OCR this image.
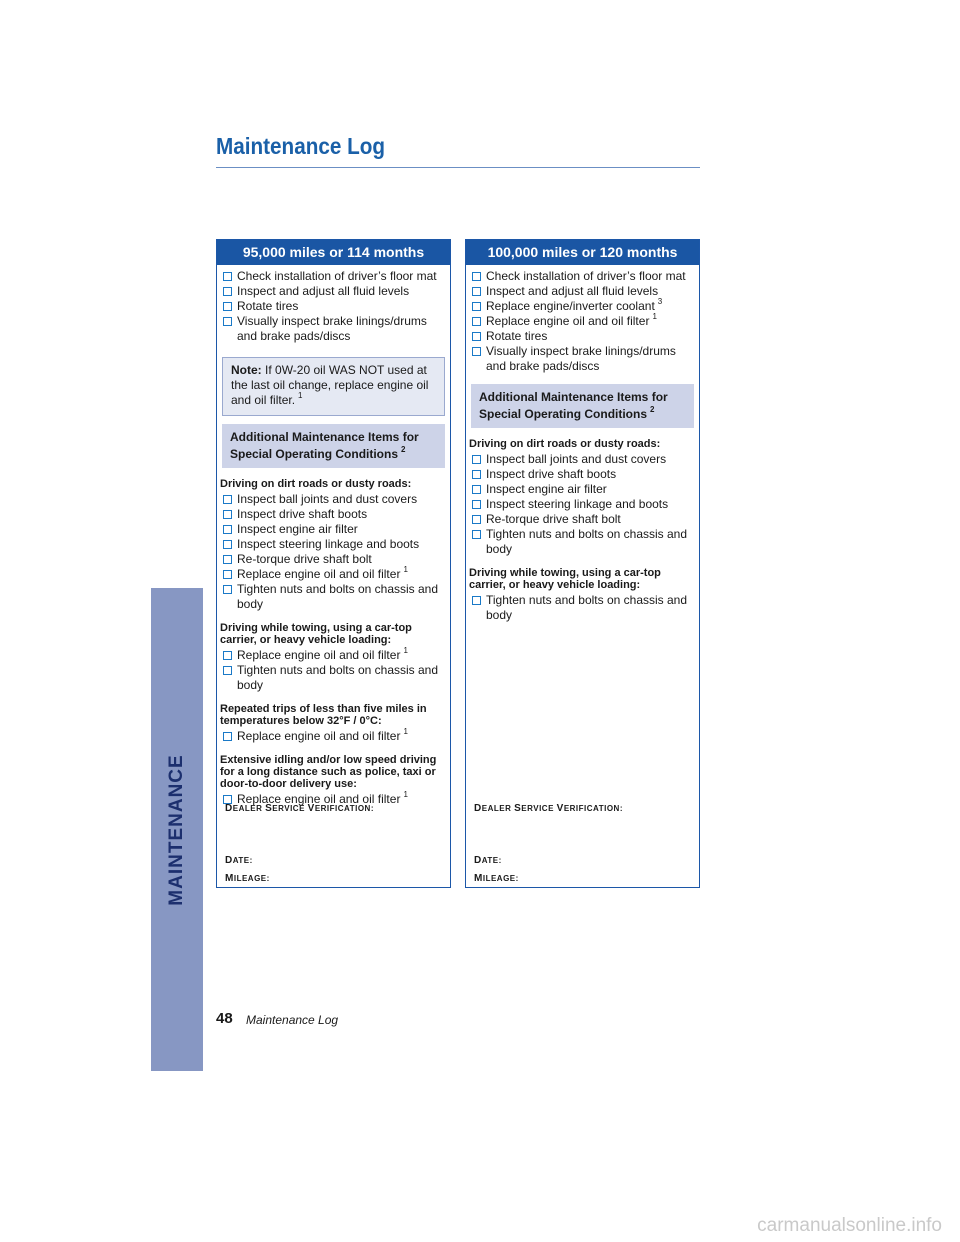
MAINTENANCE
Maintenance Log
95,000 miles or 114 months
Check installation of driver’s floor mat
Inspect and adjust all fluid levels
Rotate tires
Visually inspect brake linings/drums and brake pads/discs
Note: If 0W-20 oil WAS NOT used at the last oil change, replace engine oil and oil filter. $^1$
Additional Maintenance Items for Special Operating Conditions $^2$
Driving on dirt roads or dusty roads:
Inspect ball joints and dust covers
Inspect drive shaft boots
Inspect engine air filter
Inspect steering linkage and boots
Re-torque drive shaft bolt
Replace engine oil and oil filter $^1$
Tighten nuts and bolts on chassis and body
Driving while towing, using a car-top carrier, or heavy vehicle loading:
Replace engine oil and oil filter $^1$
Tighten nuts and bolts on chassis and body
Repeated trips of less than five miles in temperatures below 32°F / 0°C:
Replace engine oil and oil filter $^1$
Extensive idling and/or low speed driving for a long distance such as police, taxi or door-to-door delivery use:
Replace engine oil and oil filter $^1$
DEALER SERVICE VERIFICATION:
DATE:
MILEAGE:
100,000 miles or 120 months
Check installation of driver’s floor mat
Inspect and adjust all fluid levels
Replace engine/inverter coolant $^3$
Replace engine oil and oil filter $^1$
Rotate tires
Visually inspect brake linings/drums and brake pads/discs
Additional Maintenance Items for Special Operating Conditions $^2$
Driving on dirt roads or dusty roads:
Inspect ball joints and dust covers
Inspect drive shaft boots
Inspect engine air filter
Inspect steering linkage and boots
Re-torque drive shaft bolt
Tighten nuts and bolts on chassis and body
Driving while towing, using a car-top carrier, or heavy vehicle loading:
Tighten nuts and bolts on chassis and body
DEALER SERVICE VERIFICATION:
DATE:
MILEAGE:
48 Maintenance Log
carmanualsonline.info
